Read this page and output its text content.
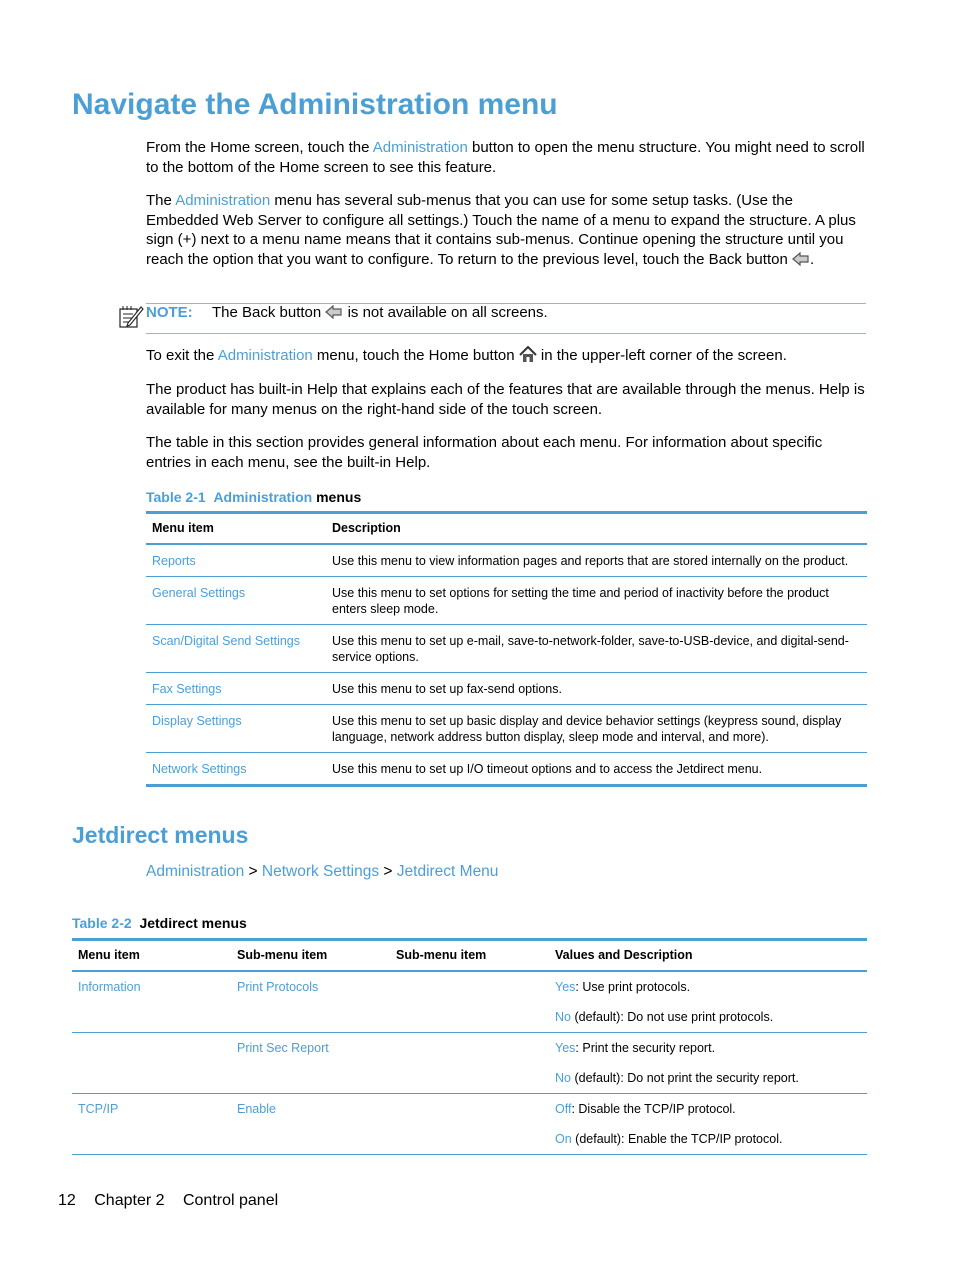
Navigate the Administration menu

From the Home screen, touch the Administration button to open the menu structure. You might need to scroll to the bottom of the Home screen to see this feature.

The Administration menu has several sub-menus that you can use for some setup tasks. (Use the Embedded Web Server to configure all settings.) Touch the name of a menu to expand the structure. A plus sign (+) next to a menu name means that it contains sub-menus. Continue opening the structure until you reach the option that you want to configure. To return to the previous level, touch the Back button .

NOTE: The Back button  is not available on all screens.

To exit the Administration menu, touch the Home button  in the upper-left corner of the screen.

The product has built-in Help that explains each of the features that are available through the menus. Help is available for many menus on the right-hand side of the touch screen.

The table in this section provides general information about each menu. For information about specific entries in each menu, see the built-in Help.

Table 2-1 Administration menus
Menu item	Description
Reports	Use this menu to view information pages and reports that are stored internally on the product.
General Settings	Use this menu to set options for setting the time and period of inactivity before the product enters sleep mode.
Scan/Digital Send Settings	Use this menu to set up e-mail, save-to-network-folder, save-to-USB-device, and digital-send-service options.
Fax Settings	Use this menu to set up fax-send options.
Display Settings	Use this menu to set up basic display and device behavior settings (keypress sound, display language, network address button display, sleep mode and interval, and more).
Network Settings	Use this menu to set up I/O timeout options and to access the Jetdirect menu.
Jetdirect menus
Administration > Network Settings > Jetdirect Menu
Table 2-2 Jetdirect menus
Menu item	Sub-menu item	Sub-menu item	Values and Description
Information	Print Protocols		Yes: Use print protocols.
			No (default): Do not use print protocols.
	Print Sec Report		Yes: Print the security report.
			No (default): Do not print the security report.
TCP/IP	Enable		Off: Disable the TCP/IP protocol.
			On (default): Enable the TCP/IP protocol.
12 Chapter 2 Control panel
